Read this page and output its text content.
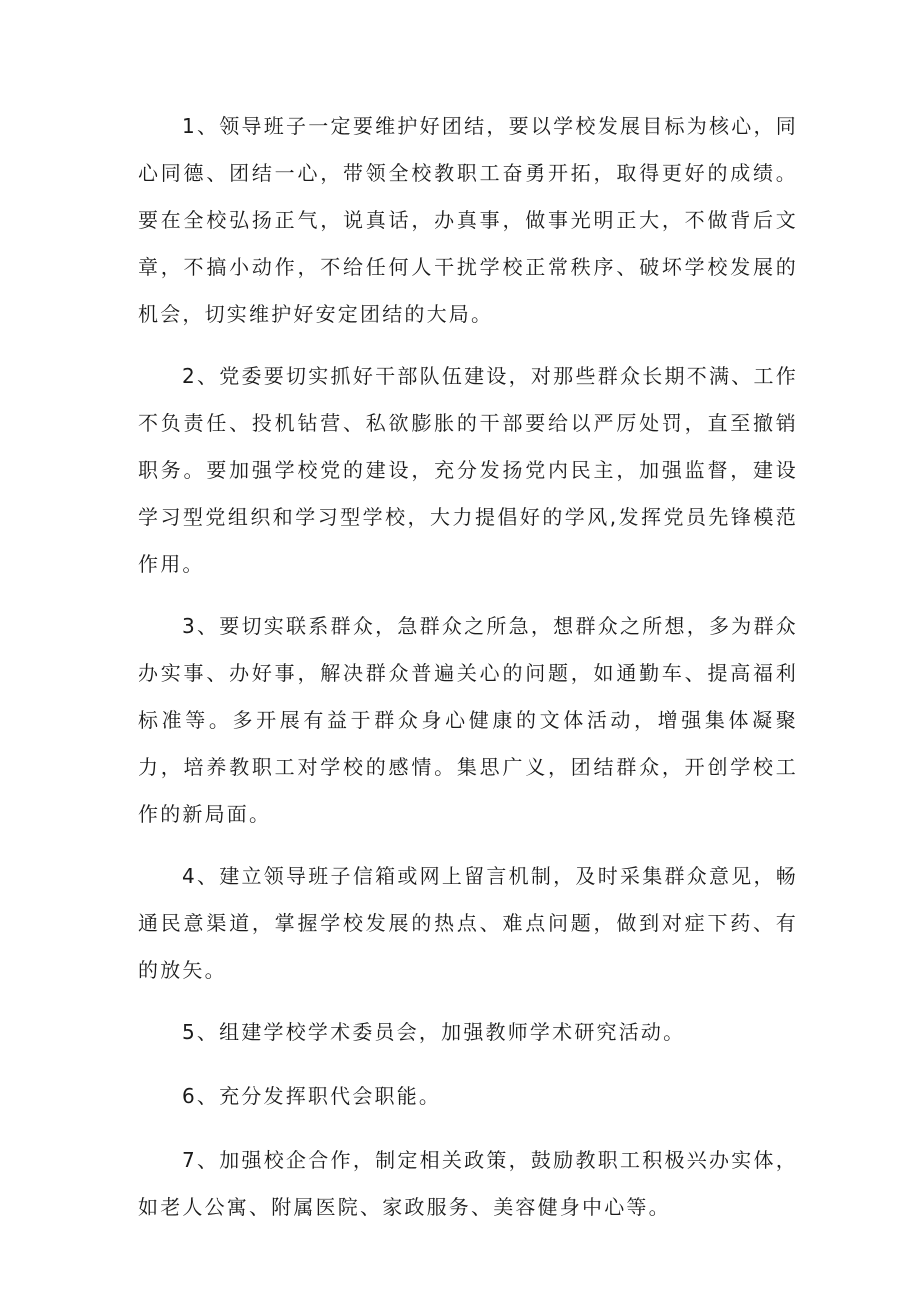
1、领导班子一定要维护好团结，要以学校发展目标为核心，同心同德、团结一心，带领全校教职工奋勇开拓，取得更好的成绩。要在全校弘扬正气，说真话，办真事，做事光明正大，不做背后文章，不搞小动作，不给任何人干扰学校正常秩序、破坏学校发展的机会，切实维护好安定团结的大局。

2、党委要切实抓好干部队伍建设，对那些群众长期不满、工作不负责任、投机钻营、私欲膨胀的干部要给以严厉处罚，直至撤销职务。要加强学校党的建设，充分发扬党内民主，加强监督，建设学习型党组织和学习型学校，大力提倡好的学风,发挥党员先锋模范作用。

3、要切实联系群众，急群众之所急，想群众之所想，多为群众办实事、办好事，解决群众普遍关心的问题，如通勤车、提高福利标准等。多开展有益于群众身心健康的文体活动，增强集体凝聚力，培养教职工对学校的感情。集思广义，团结群众，开创学校工作的新局面。

4、建立领导班子信箱或网上留言机制，及时采集群众意见，畅通民意渠道，掌握学校发展的热点、难点问题，做到对症下药、有的放矢。

5、组建学校学术委员会，加强教师学术研究活动。

6、充分发挥职代会职能。

7、加强校企合作，制定相关政策，鼓励教职工积极兴办实体，如老人公寓、附属医院、家政服务、美容健身中心等。
